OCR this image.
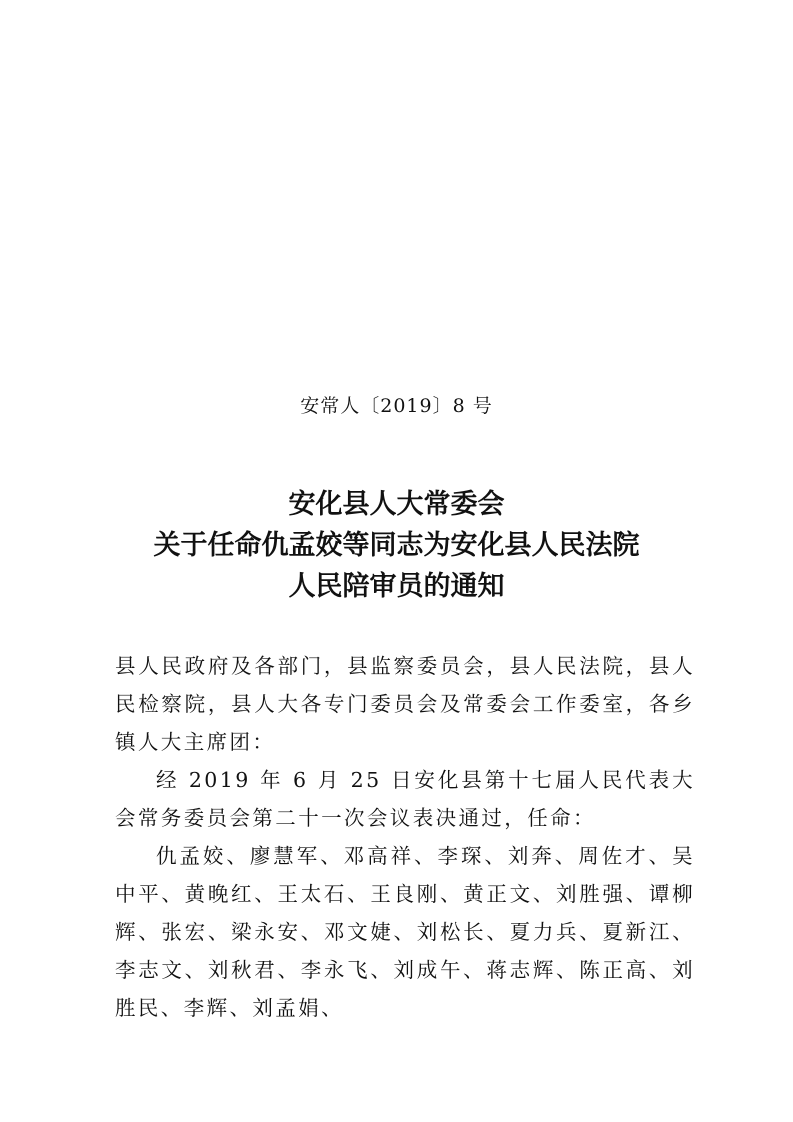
安常人〔2019〕8 号
安化县人大常委会
关于任命仇孟姣等同志为安化县人民法院
人民陪审员的通知

县人民政府及各部门，县监察委员会，县人民法院，县人民检察院，县人大各专门委员会及常委会工作委室，各乡镇人大主席团：

经 2019 年 6 月 25 日安化县第十七届人民代表大会常务委员会第二十一次会议表决通过，任命：

仇孟姣、廖慧军、邓高祥、李琛、刘奔、周佐才、吴中平、黄晚红、王太石、王良刚、黄正文、刘胜强、谭柳辉、张宏、梁永安、邓文婕、刘松长、夏力兵、夏新江、李志文、刘秋君、李永飞、刘成午、蒋志辉、陈正高、刘胜民、李辉、刘孟娟、
